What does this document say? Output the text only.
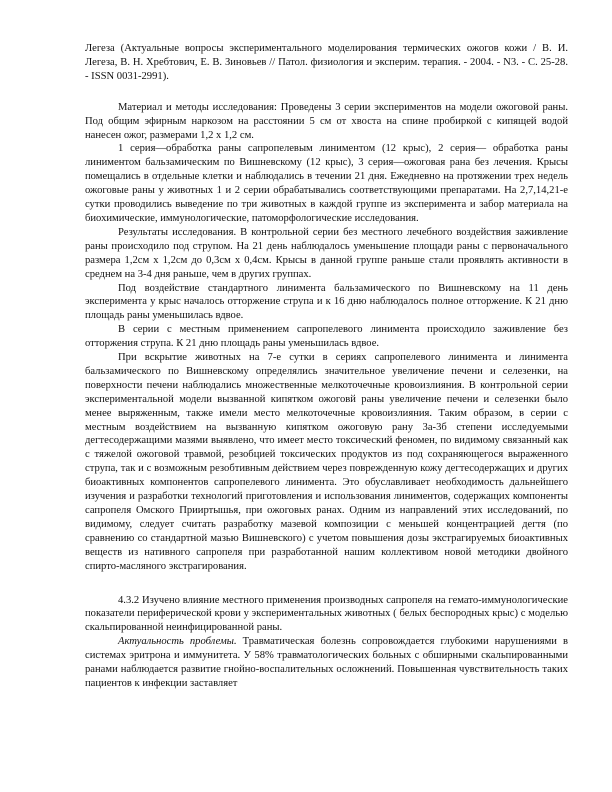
Легеза (Актуальные вопросы экспериментального моделирования термических ожогов кожи / В. И. Легеза, В. Н. Хребтович, Е. В. Зиновьев // Патол. физиология и эксперим. терапия. - 2004. - N3. - С. 25-28. - ISSN 0031-2991).

Материал и методы исследования: Проведены 3 серии экспериментов на модели ожоговой раны. Под общим эфирным наркозом на расстоянии 5 см от хвоста на спине пробиркой с кипящей водой нанесен ожог, размерами 1,2 х 1,2 см.

1 серия—обработка раны сапропелевым линиментом (12 крыс), 2 серия— обработка раны линиментом бальзамическим по Вишневскому (12 крыс), 3 серия—ожоговая рана без лечения. Крысы помещались в отдельные клетки и наблюдались в течении 21 дня. Ежедневно на протяжении трех недель ожоговые раны у животных 1 и 2 серии обрабатывались соответствующими препаратами. На 2,7,14,21-е сутки проводились выведение по три животных в каждой группе из эксперимента и забор материала на биохимические, иммунологические, патоморфологические исследования.

Результаты исследования. В контрольной серии без местного лечебного воздействия заживление раны происходило под струпом. На 21 день наблюдалось уменьшение площади раны с первоначального размера 1,2см х 1,2см до 0,3см х 0,4см. Крысы в данной группе раньше стали проявлять активности в среднем на 3-4 дня раньше, чем в других группах.

Под воздействие стандартного линимента бальзамического по Вишневскому на 11 день эксперимента у крыс началось отторжение струпа и к 16 дню наблюдалось полное отторжение. К 21 дню площадь раны уменьшилась вдвое.

В серии с местным применением сапропелевого линимента происходило заживление без отторжения струпа. К 21 дню площадь раны уменьшилась вдвое.

При вскрытие животных на 7-е сутки в сериях сапропелевого линимента и линимента бальзамического по Вишневскому определялись значительное увеличение печени и селезенки, на поверхности печени наблюдались множественные мелкоточечные кровоизлияния. В контрольной серии экспериментальной модели вызванной кипятком ожоговй раны увеличение печени и селезенки было менее выряженным, также имели место мелкоточечные кровоизлияния. Таким образом, в серии с местным воздействием на вызванную кипятком ожоговую рану 3а-3б степени исследуемыми дегтесодержащими мазями выявлено, что имеет место токсический феномен, по видимому связанный как с тяжелой ожоговой травмой, резобцией токсических продуктов из под сохраняющегося выраженного струпа, так и с возможным резобтивным действием через поврежденную кожу дегтесодержащих и других биоактивных компонентов сапропелевого линимента. Это обуславливает необходимость дальнейшего изучения и разработки технологий приготовления и использования линиментов, содержащих компоненты сапропеля Омского Прииртышья, при ожоговых ранах. Одним из направлений этих исследований, по видимому, следует считать разработку мазевой композиции с меньшей концентрацией дегтя (по сравнению со стандартной мазью Вишневского) с учетом повышения дозы экстрагируемых биоактивных веществ из нативного сапропеля при разработанной нашим коллективом новой методики двойного спирто-масляного экстрагирования.

4.3.2 Изучено влияние местного применения производных сапропеля на гемато-иммунологические показатели периферической крови у экспериментальных животных ( белых беспородных крыс) с моделью скальпированной неинфицированной раны.

Актуальность проблемы. Травматическая болезнь сопровождается глубокими нарушениями в системах эритрона и иммунитета. У 58% травматологических больных с обширными скальпированными ранами наблюдается развитие гнойно-воспалительных осложнений. Повышенная чувствительность таких пациентов к инфекции заставляет
